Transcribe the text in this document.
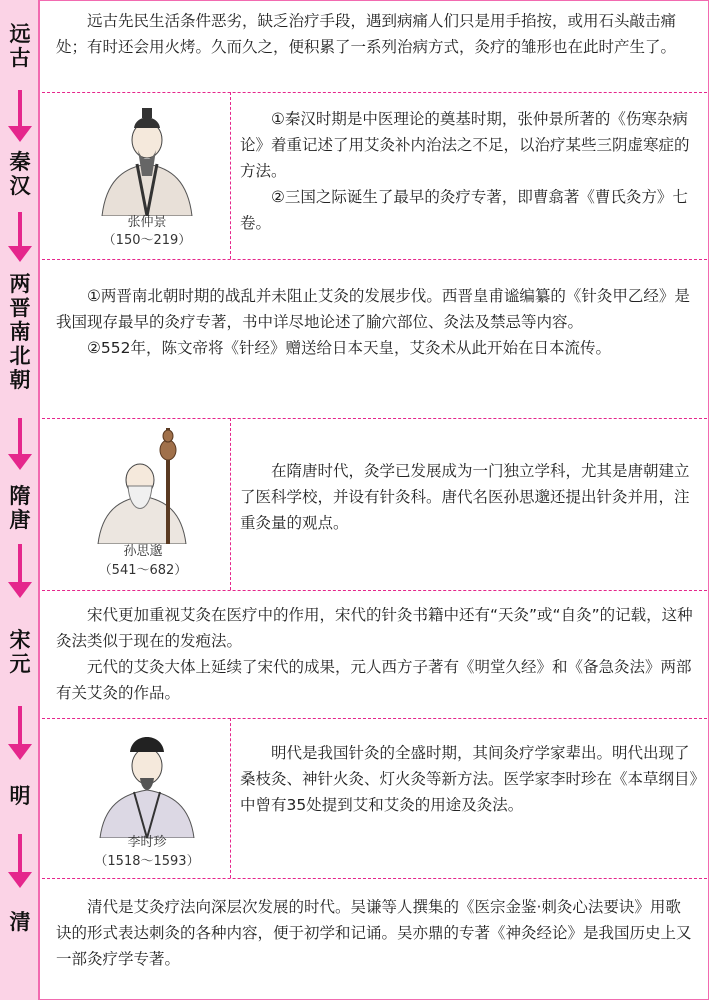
远古
秦汉
两晋南北朝
隋唐
宋元
明
清

远古先民生活条件恶劣，缺乏治疗手段，遇到病痛人们只是用手掐按，或用石头敲击痛处；有时还会用火烤。久而久之，便积累了一系列治病方式，灸疗的雏形也在此时产生了。

张仲景
（150～219）

①秦汉时期是中医理论的奠基时期，张仲景所著的《伤寒杂病论》着重记述了用艾灸补内治法之不足，以治疗某些三阴虚寒症的方法。

②三国之际诞生了最早的灸疗专著，即曹翕著《曹氏灸方》七卷。

①两晋南北朝时期的战乱并未阻止艾灸的发展步伐。西晋皇甫谧编纂的《针灸甲乙经》是我国现存最早的灸疗专著，书中详尽地论述了腧穴部位、灸法及禁忌等内容。

②552年，陈文帝将《针经》赠送给日本天皇，艾灸术从此开始在日本流传。

孙思邈
（541～682）

在隋唐时代，灸学已发展成为一门独立学科，尤其是唐朝建立了医科学校，并设有针灸科。唐代名医孙思邈还提出针灸并用，注重灸量的观点。

宋代更加重视艾灸在医疗中的作用，宋代的针灸书籍中还有“天灸”或“自灸”的记载，这种灸法类似于现在的发疱法。

元代的艾灸大体上延续了宋代的成果，元人西方子著有《明堂久经》和《备急灸法》两部有关艾灸的作品。

李时珍
（1518～1593）

明代是我国针灸的全盛时期，其间灸疗学家辈出。明代出现了桑枝灸、神针火灸、灯火灸等新方法。医学家李时珍在《本草纲目》中曾有35处提到艾和艾灸的用途及灸法。

清代是艾灸疗法向深层次发展的时代。吴谦等人撰集的《医宗金鉴·刺灸心法要诀》用歌诀的形式表达刺灸的各种内容，便于初学和记诵。吴亦鼎的专著《神灸经论》是我国历史上又一部灸疗学专著。
